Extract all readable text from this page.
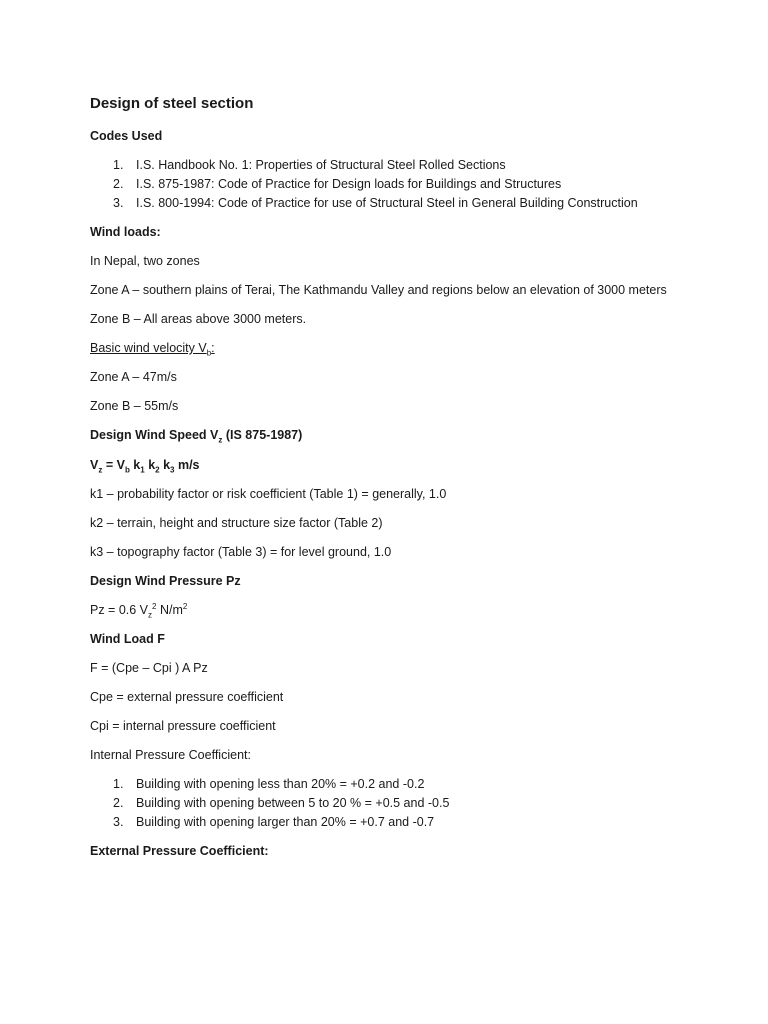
Design of steel section
Codes Used
1. I.S. Handbook No. 1: Properties of Structural Steel Rolled Sections
2. I.S. 875-1987: Code of Practice for Design loads for Buildings and Structures
3. I.S. 800-1994: Code of Practice for use of Structural Steel in General Building Construction
Wind loads:
In Nepal, two zones
Zone A – southern plains of Terai, The Kathmandu Valley and regions below an elevation of 3000 meters
Zone B – All areas above 3000 meters.
Basic wind velocity $V_b$:
Zone A – 47m/s
Zone B – 55m/s
Design Wind Speed $V_z$ (IS 875-1987)
$V_z = V_b$ $k_1$ $k_2$ $k_3$ m/s
k1 – probability factor or risk coefficient (Table 1) = generally, 1.0
k2 – terrain, height and structure size factor (Table 2)
k3 – topography factor (Table 3) = for level ground, 1.0
Design Wind Pressure Pz
Pz = 0.6 $V_z^2$ $N/m^2$
Wind Load F
F = (Cpe – Cpi ) A Pz
Cpe = external pressure coefficient
Cpi = internal pressure coefficient
Internal Pressure Coefficient:
1. Building with opening less than 20% = +0.2 and -0.2
2. Building with opening between 5 to 20 % = +0.5 and -0.5
3. Building with opening larger than 20% = +0.7 and -0.7
External Pressure Coefficient:
